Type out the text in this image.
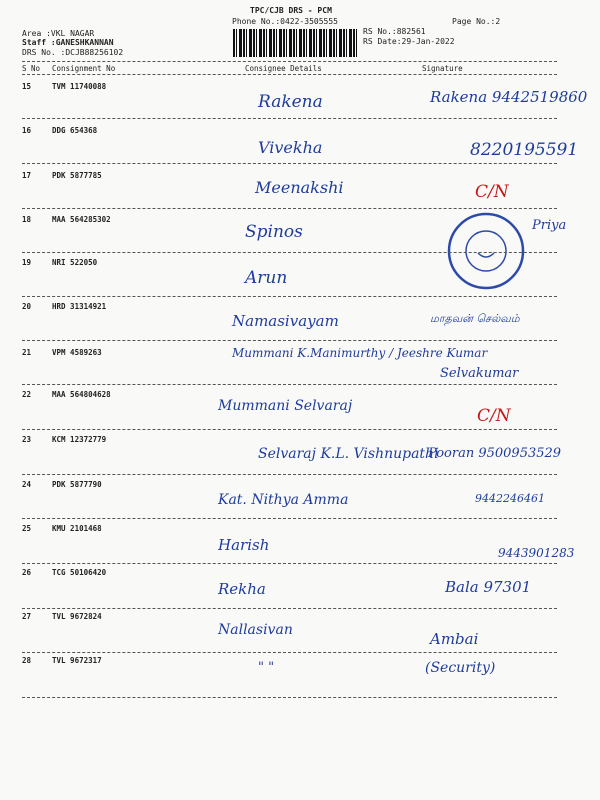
TPC/CJB DRS - PCM
Phone No.:0422-3505555	Page No.:2
Area :VKL NAGAR
Staff :GANESHKANNAN
DRS No. :DCJB88256102
RS No.:882561
RS Date:29-Jan-2022
S No Consignment No	Consignee Details	Signature
15	TVM 11740088
Rakena	Rakena 9442519860
16	DDG 654368
Vivekha	8220195591
17	PDK 5877785
Meenakshi	C/N
18	MAA 564285302
Spinos	Priya
19	NRI 522050
Arun
20	HRD 31314921
Namasivayam	மாதவன் செல்வம்
21	VPM 4589263	Mummani K.Manimurthy / Jeeshre Kumar
Selvakumar
22	MAA 564804628
Mummani Selvaraj	C/N
23	KCM 12372779
Selvaraj K.L. Vishnupathi
Pooran 9500953529
24	PDK 5877790
Kat. Nithya Amma	9442246461
25	KMU 2101468
Harish	9443901283
26	TCG 50106420
Rekha	Bala 97301
27	TVL 9672824
Nallasivan	Ambai
28	TVL 9672317	" "	(Security)
